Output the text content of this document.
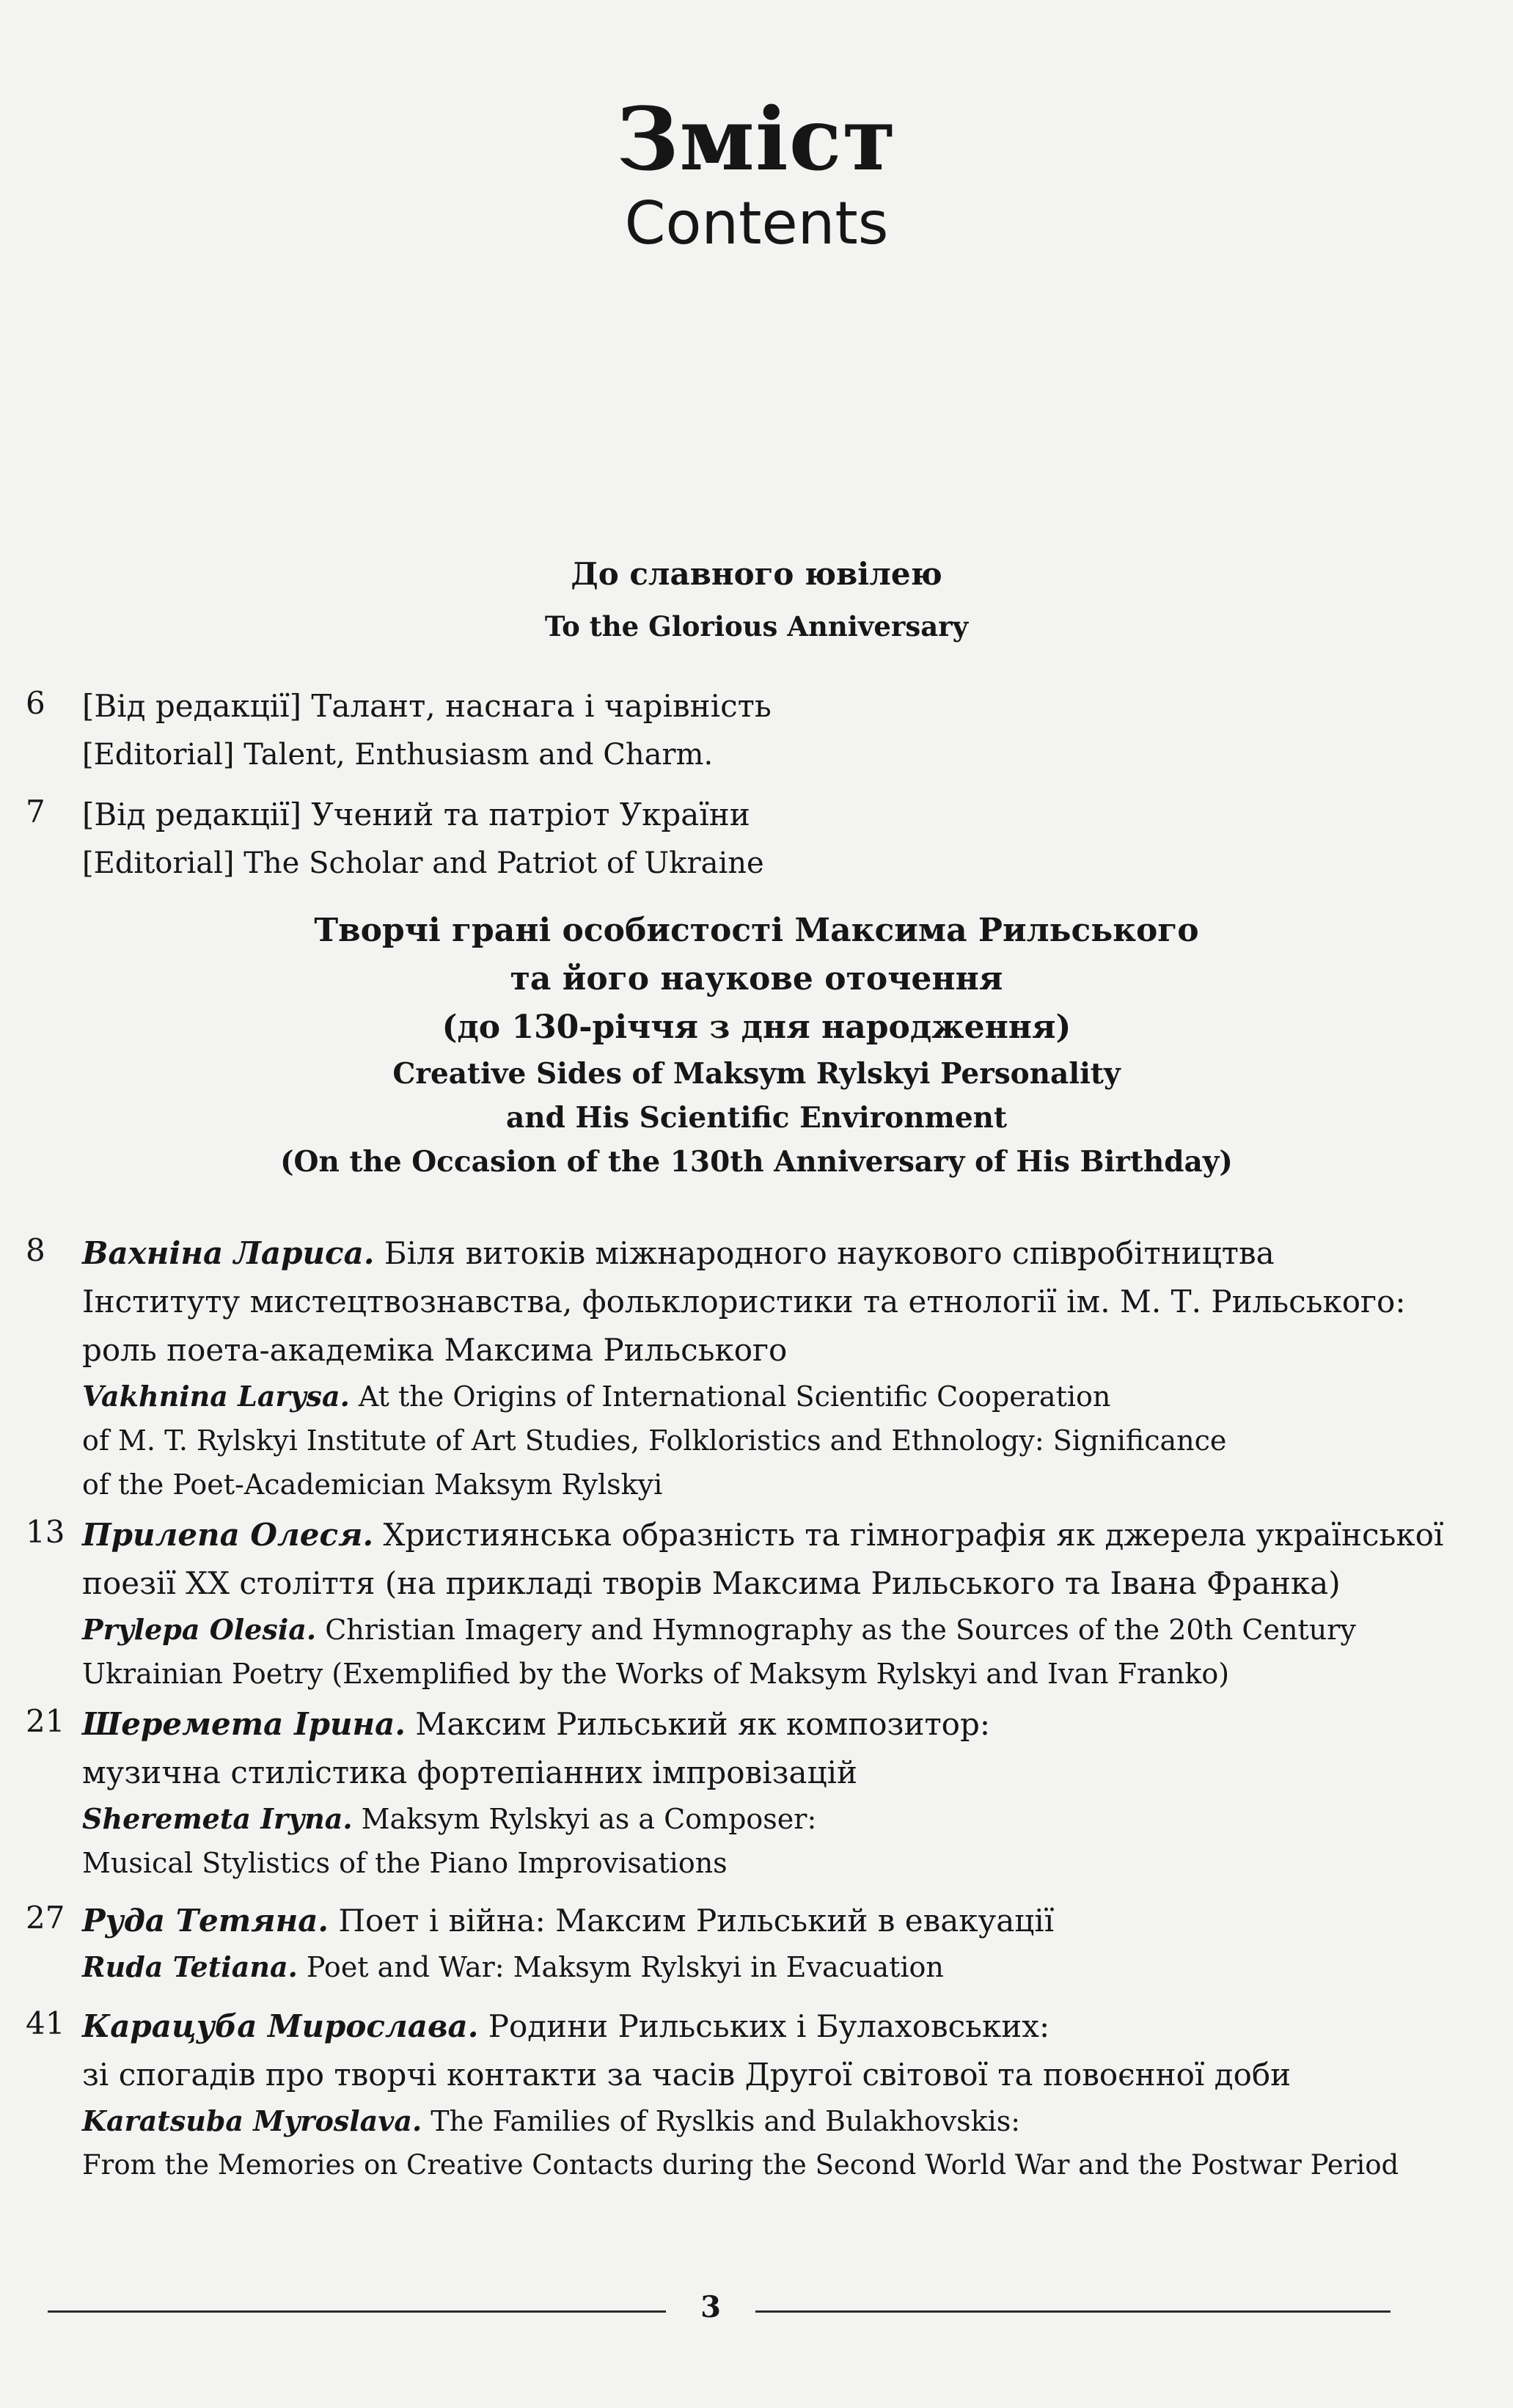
Зміст
Contents
До славного ювілею
To the Glorious Anniversary
6	[Від редакції] Талант, наснага і чарівність
[Editorial] Talent, Enthusiasm and Charm.
7	[Від редакції] Учений та патріот України
[Editorial] The Scholar and Patriot of Ukraine
Творчі грані особистості Максима Рильського
та його наукове оточення
(до 130-річчя з дня народження)
Creative Sides of Maksym Rylskyi Personality
and His Scientific Environment
(On the Occasion of the 130th Anniversary of His Birthday)
8	Вахніна Лариса. Біля витоків міжнародного наукового співробітництва
Інституту мистецтвознавства, фольклористики та етнології ім. М. Т. Рильського:
роль поета-академіка Максима Рильського
Vakhnina Larysa. At the Origins of International Scientific Cooperation
of M. T. Rylskyi Institute of Art Studies, Folkloristics and Ethnology: Significance
of the Poet-Academician Maksym Rylskyi
13 Прилепа Олеся. Християнська образність та гімнографія як джерела української
поезії ХХ століття (на прикладі творів Максима Рильського та Івана Франка)
Prylepa Olesia. Christian Imagery and Hymnography as the Sources of the 20th Century
Ukrainian Poetry (Exemplified by the Works of Maksym Rylskyi and Ivan Franko)
21 Шеремета Ірина. Максим Рильський як композитор:
музична стилістика фортепіанних імпровізацій
Sheremeta Iryna. Maksym Rylskyi as a Composer:
Musical Stylistics of the Piano Improvisations
27 Руда Тетяна. Поет і війна: Максим Рильський в евакуації
Ruda Tetiana. Poet and War: Maksym Rylskyi in Evacuation
41 Карацуба Мирослава. Родини Рильських і Булаховських:
зі спогадів про творчі контакти за часів Другої світової та повоєнної доби
Karatsuba Myroslava. The Families of Ryslkis and Bulakhovskis:
From the Memories on Creative Contacts during the Second World War and the Postwar Period
3
